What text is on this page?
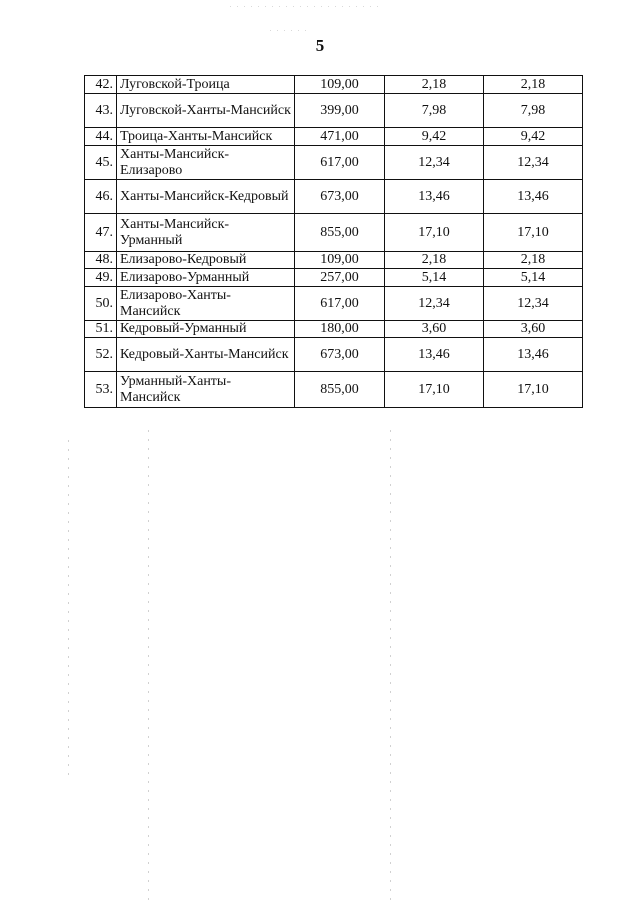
5
42.	Луговской-Троица	109,00	2,18	2,18
43.	Луговской-Ханты-Мансийск	399,00	7,98	7,98
44.	Троица-Ханты-Мансийск	471,00	9,42	9,42
45.	Ханты-Мансийск-Елизарово	617,00	12,34	12,34
46.	Ханты-Мансийск-Кедровый	673,00	13,46	13,46
47.	Ханты-Мансийск-Урманный	855,00	17,10	17,10
48.	Елизарово-Кедровый	109,00	2,18	2,18
49.	Елизарово-Урманный	257,00	5,14	5,14
50.	Елизарово-Ханты-Мансийск	617,00	12,34	12,34
51.	Кедровый-Урманный	180,00	3,60	3,60
52.	Кедровый-Ханты-Мансийск	673,00	13,46	13,46
53.	Урманный-Ханты-Мансийск	855,00	17,10	17,10
